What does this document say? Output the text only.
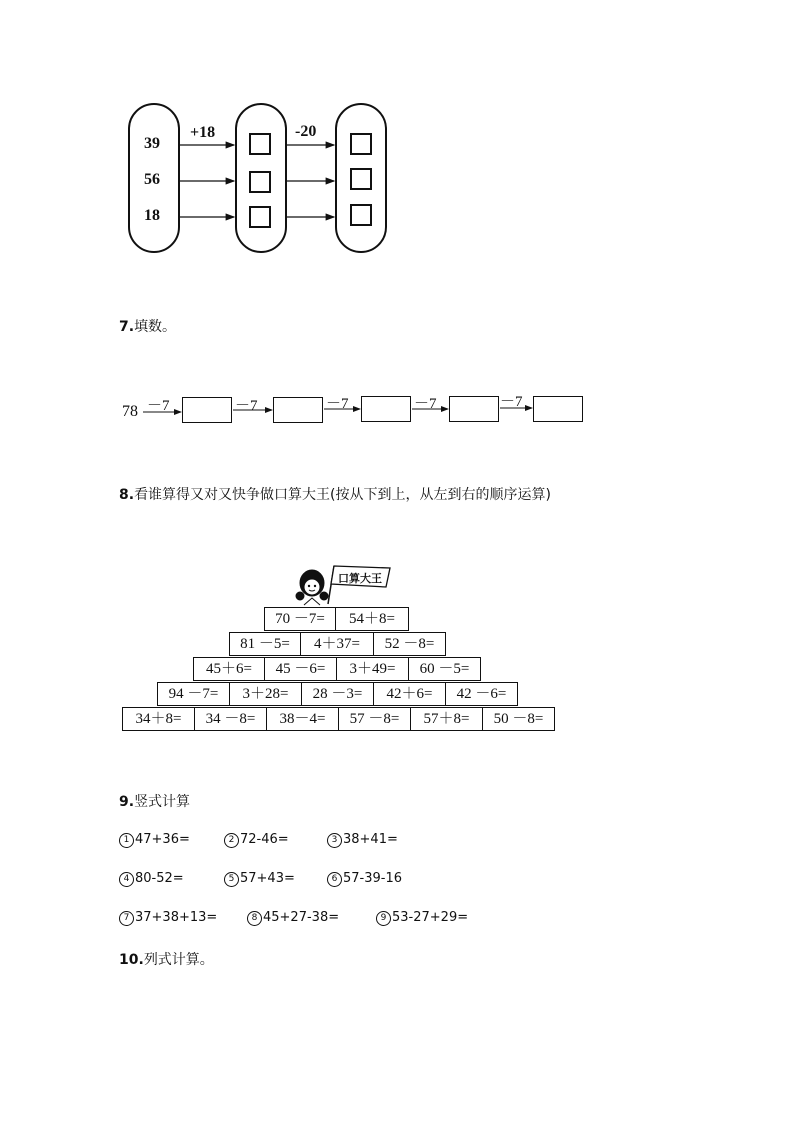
39
56
18
+18	-20
7.填数。
78 －7	－7	－7	－7	－7
8.看谁算得又对又快争做口算大王(按从下到上，从左到右的顺序运算)
口算大王
70 －7=	54＋8=
81 －5=	4＋37=	52 －8=
45＋6=	45 －6=	3＋49=	60 －5=
94 －7=	3＋28=	28 －3=	42＋6=	42 －6=
34＋8=	34 －8=	38－4=	57 －8=	57＋8=	50 －8=
9.竖式计算
1 47+36=	2 72-46=	3 38+41=
4 80-52=	5 57+43=	6 57-39-16
7 37+38+13=	8 45+27-38=	9 53-27+29=
10.列式计算。
